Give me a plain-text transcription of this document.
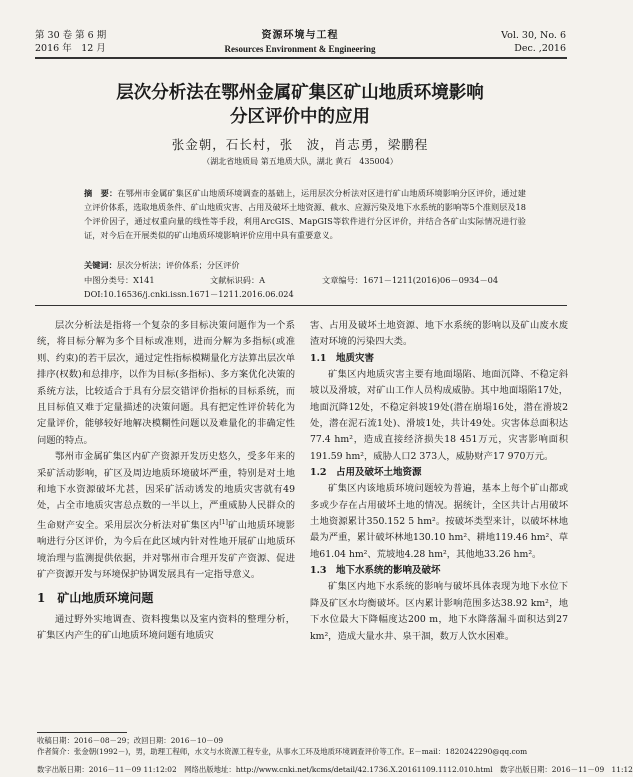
第 30 卷 第 6 期
2016 年　12 月
资源环境与工程
Resources Environment & Engineering
Vol. 30, No. 6
Dec. ,2016
层次分析法在鄂州金属矿集区矿山地质环境影响
分区评价中的应用
张金朝，石长村，张　波，肖志勇，梁鹏程
（湖北省地质局 第五地质大队，湖北 黄石　435004）
摘　要：在鄂州市金属矿集区矿山地质环境调查的基础上，运用层次分析法对区进行矿山地质环境影响分区评价，通过建立评价体系，选取地质条件、矿山地质灾害、占用及破坏土地资源、截水、应源污染及地下水系统的影响等5个准则层及18个评价因子，通过权重向量的线性等手段，利用ArcGIS、MapGIS等软件进行分区评价，并结合各矿山实际情况进行验证，对今后在开展类似的矿山地质环境影响评价应用中具有重要意义。
关键词：层次分析法；评价体系；分区评价
中图分类号：X141	文献标识码：A	文章编号：1671－1211(2016)06－0934－04
DOI:10.16536/j.cnki.issn.1671－1211.2016.06.024

层次分析法是指将一个复杂的多目标决策问题作为一个系统，将目标分解为多个目标或准则，进而分解为多指标(或准则、约束)的若干层次，通过定性指标模糊量化方法算出层次单排序(权数)和总排序，以作为目标(多指标)、多方案优化决策的系统方法，比较适合于具有分层交错评价指标的目标系统，而且目标值又难于定量描述的决策问题。具有把定性评价转化为定量评价，能够较好地解决模糊性问题以及难量化的非确定性问题的特点。

鄂州市金属矿集区内矿产资源开发历史悠久，受多年来的采矿活动影响，矿区及周边地质环境破坏严重，特别是对土地和地下水资源破坏尤甚，因采矿活动诱发的地质灾害就有49处，占全市地质灾害总点数的一半以上，严重威胁人民群众的生命财产安全。采用层次分析法对矿集区内[1]矿山地质环境影响进行分区评价，为今后在此区域内针对性地开展矿山地质环境治理与监测提供依据，并对鄂州市合理开发矿产资源、促进矿产资源开发与环境保护协调发展具有一定指导意义。

1　矿山地质环境问题

通过野外实地调查、资料搜集以及室内资料的整理分析，矿集区内产生的矿山地质环境问题有地质灾

害、占用及破坏土地资源、地下水系统的影响以及矿山废水废渣对环境的污染四大类。

1.1　地质灾害

矿集区内地质灾害主要有地面塌陷、地面沉降、不稳定斜坡以及滑坡，对矿山工作人员构成威胁。其中地面塌陷17处，地面沉降12处，不稳定斜坡19处(潜在崩塌16处，潜在滑坡2处，潜在泥石流1处)、滑坡1处，共计49处。灾害体总面积达77.4 hm²，造成直接经济损失18 451万元，灾害影响面积191.59 hm²，威胁人口2 373人，威胁财产17 970万元。

1.2　占用及破坏土地资源

矿集区内该地质环境问题较为普遍，基本上每个矿山都或多或少存在占用破坏土地的情况。据统计，全区共计占用破坏土地资源累计350.152 5 hm²。按破坏类型来计，以破坏林地最为严重，累计破坏林地130.10 hm²、耕地119.46 hm²、草地61.04 hm²、荒坡地4.28 hm²，其他地33.26 hm²。

1.3　地下水系统的影响及破坏

矿集区内地下水系统的影响与破坏具体表现为地下水位下降及矿区水均衡破坏。区内累计影响范围多达38.92 km²，地下水位最大下降幅度达200 m，地下水降落漏斗面积达到27 km²，造成大量水井、泉干涸，数万人饮水困难。

收稿日期：2016－08－29；改回日期：2016－10－09
作者简介：张金朝(1992－)，男，助理工程师，水文与水资源工程专业，从事水工环及地质环境调查评价等工作。E－mail：1820242290@qq.com
数字出版日期：2016－11－09 11:12:02　网络出版地址：http://www.cnki.net/kcms/detail/42.1736.X.20161109.1112.010.html　数字出版日期：2016－11－09　11:12
